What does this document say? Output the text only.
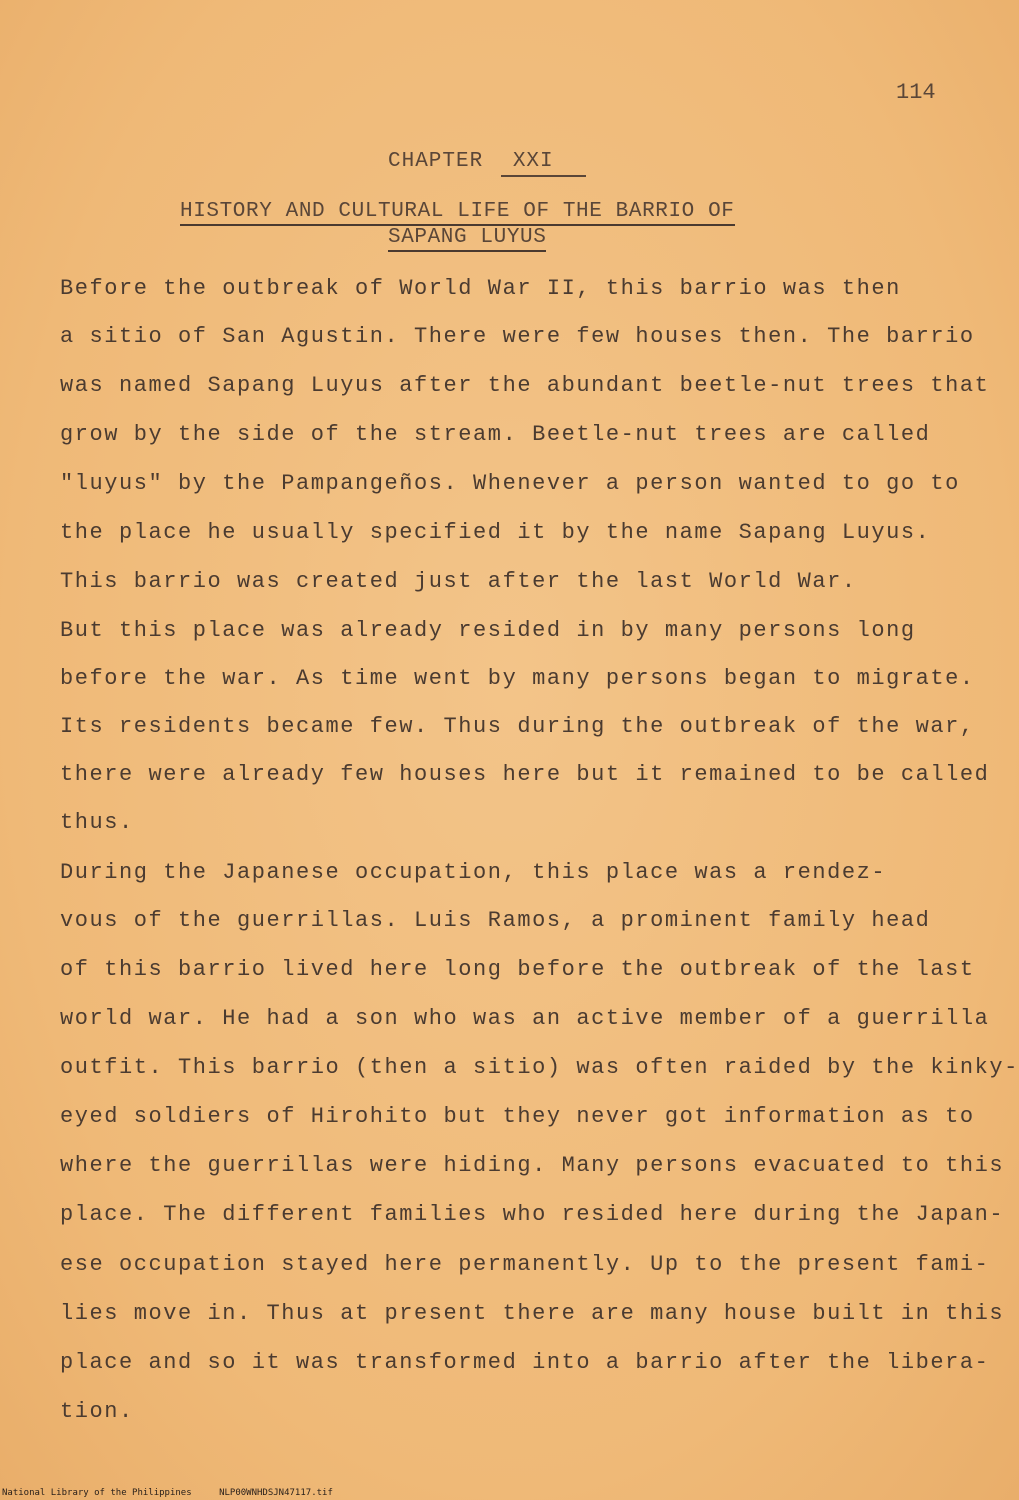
114
CHAPTER XXI
HISTORY AND CULTURAL LIFE OF THE BARRIO OF
SAPANG LUYUS
Before the outbreak of World War II, this barrio was then
a sitio of San Agustin. There were few houses then. The barrio
was named Sapang Luyus after the abundant beetle-nut trees that
grow by the side of the stream. Beetle-nut trees are called
"luyus" by the Pampangeños. Whenever a person wanted to go to
the place he usually specified it by the name Sapang Luyus.
This barrio was created just after the last World War.
But this place was already resided in by many persons long
before the war. As time went by many persons began to migrate.
Its residents became few. Thus during the outbreak of the war,
there were already few houses here but it remained to be called
thus.
During the Japanese occupation, this place was a rendez-
vous of the guerrillas. Luis Ramos, a prominent family head
of this barrio lived here long before the outbreak of the last
world war. He had a son who was an active member of a guerrilla
outfit. This barrio (then a sitio) was often raided by the kinky-
eyed soldiers of Hirohito but they never got information as to
where the guerrillas were hiding. Many persons evacuated to this
place. The different families who resided here during the Japan-
ese occupation stayed here permanently. Up to the present fami-
lies move in. Thus at present there are many house built in this
place and so it was transformed into a barrio after the libera-
tion.
National Library of the Philippines	NLP00WNHDSJN47117.tif
